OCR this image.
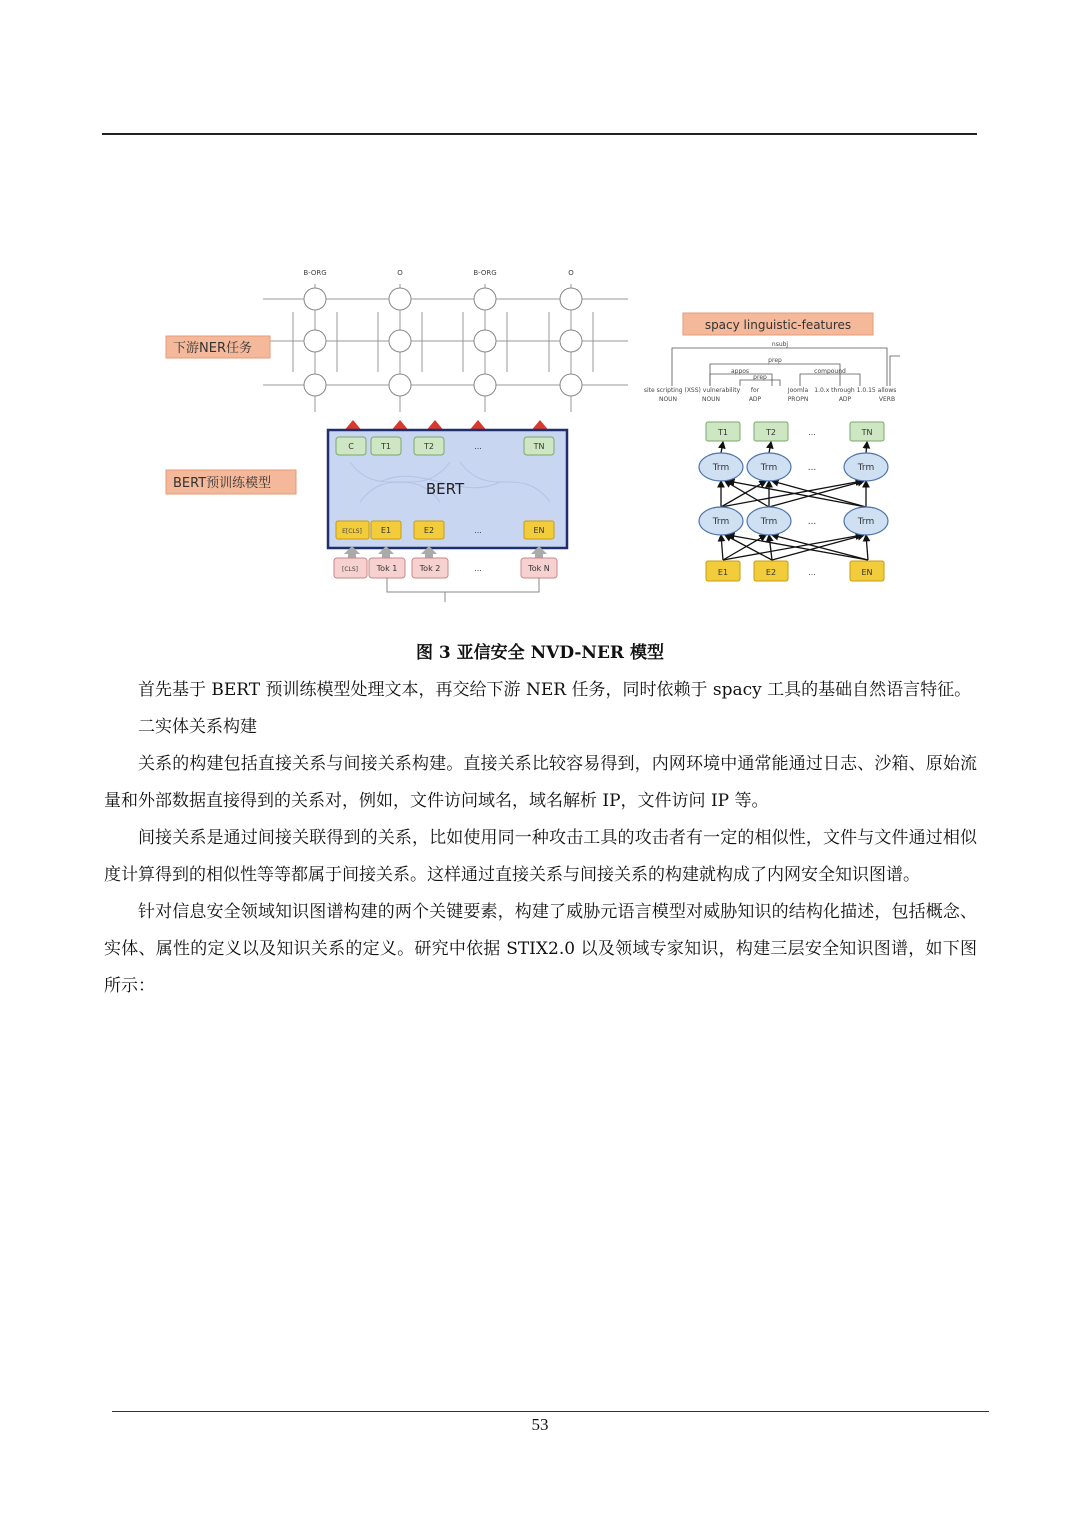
B-ORG	O	B-ORG	O
下游NER任务
BERT
C	T1	T2	...	TN
E[CLS] E1	E2	...	EN
[CLS] Tok 1	Tok 2	...	Tok N
BERT预训练模型
spacy linguistic-features
nsubj
appos
prep
prep
compound
site scripting (XSS) vulnerability for	Joomla 1.0.x through 1.0.15 allows
NOUN	NOUN	ADP	PROPN	ADP	VERB
T1	T2	...	TN
Trm	Trm	...	Trm
Trm	Trm	...	Trm
E1	E2	...	EN
图 3 亚信安全 NVD-NER 模型

首先基于 BERT 预训练模型处理文本，再交给下游 NER 任务，同时依赖于 spacy 工具的基础自然语言特征。

二实体关系构建

关系的构建包括直接关系与间接关系构建。直接关系比较容易得到，内网环境中通常能通过日志、沙箱、原始流量和外部数据直接得到的关系对，例如，文件访问域名，域名解析 IP，文件访问 IP 等。

间接关系是通过间接关联得到的关系，比如使用同一种攻击工具的攻击者有一定的相似性，文件与文件通过相似度计算得到的相似性等等都属于间接关系。这样通过直接关系与间接关系的构建就构成了内网安全知识图谱。

针对信息安全领域知识图谱构建的两个关键要素，构建了威胁元语言模型对威胁知识的结构化描述，包括概念、实体、属性的定义以及知识关系的定义。研究中依据 STIX2.0 以及领域专家知识，构建三层安全知识图谱，如下图所示：

53
